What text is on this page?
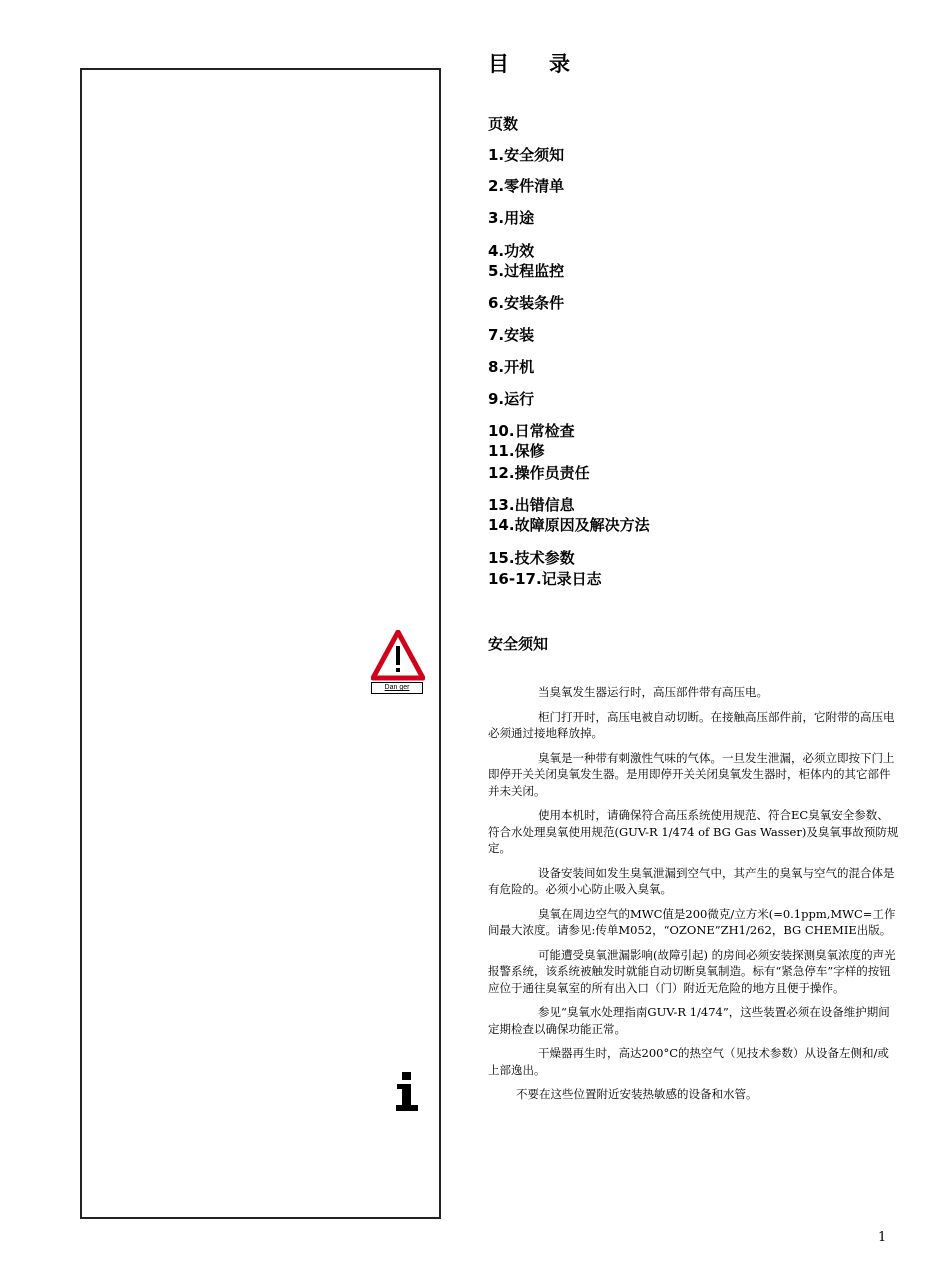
Dan ger
目 录
页数
1.安全须知
2.零件清单
3.用途
4.功效
5.过程监控
6.安装条件
7.安装
8.开机
9.运行
10.日常检查
11.保修
12.操作员责任
13.出错信息
14.故障原因及解决方法
15.技术参数
16-17.记录日志
安全须知

当臭氧发生器运行时，高压部件带有高压电。

柜门打开时，高压电被自动切断。在接触高压部件前，它附带的高压电必须通过接地释放掉。

臭氧是一种带有刺激性气味的气体。一旦发生泄漏，必须立即按下门上即停开关关闭臭氧发生器。是用即停开关关闭臭氧发生器时，柜体内的其它部件并未关闭。

使用本机时，请确保符合高压系统使用规范、符合EC臭氧安全参数、符合水处理臭氧使用规范(GUV-R 1/474 of BG Gas Wasser)及臭氧事故预防规定。

设备安装间如发生臭氧泄漏到空气中，其产生的臭氧与空气的混合体是有危险的。必须小心防止吸入臭氧。

臭氧在周边空气的MWC值是200微克/立方米(=0.1ppm,MWC=工作间最大浓度。请参见:传单M052，“OZONE”ZH1/262，BG CHEMIE出版。

可能遭受臭氧泄漏影响(故障引起) 的房间必须安装探测臭氧浓度的声光报警系统，该系统被触发时就能自动切断臭氧制造。标有“紧急停车”字样的按钮应位于通往臭氧室的所有出入口（门）附近无危险的地方且便于操作。

参见“臭氧水处理指南GUV-R 1/474”，这些装置必须在设备维护期间定期检查以确保功能正常。

干燥器再生时，高达200°C的热空气（见技术参数）从设备左侧和/或上部逸出。

不要在这些位置附近安装热敏感的设备和水管。

1
